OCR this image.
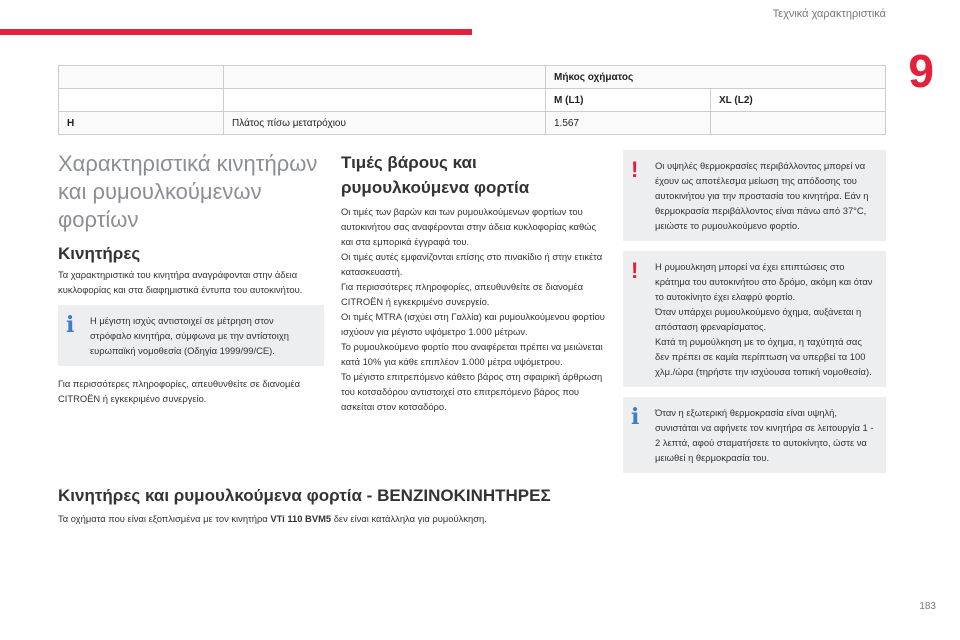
Τεχνικά χαρακτηριστικά
9
		Μήκος οχήματος	
		M (L1)	XL (L2)
H	Πλάτος πίσω μετατρόχιου	1.567	
Χαρακτηριστικά κινητήρων και ρυμουλκούμενων φορτίων
Κινητήρες

Τα χαρακτηριστικά του κινητήρα αναγράφονται στην άδεια κυκλοφορίας και στα διαφημιστικά έντυπα του αυτοκινήτου.

i Η μέγιστη ισχύς αντιστοιχεί σε μέτρηση στον στρόφαλο κινητήρα, σύμφωνα με την αντίστοιχη ευρωπαϊκή νομοθεσία (Οδηγία 1999/99/CE).

Για περισσότερες πληροφορίες, απευθυνθείτε σε διανομέα CITROËN ή εγκεκριμένο συνεργείο.

Τιμές βάρους και ρυμουλκούμενα φορτία
Οι τιμές των βαρών και των ρυμουλκούμενων φορτίων του αυτοκινήτου σας αναφέρονται στην άδεια κυκλοφορίας καθώς και στα εμπορικά έγγραφά του.
Οι τιμές αυτές εμφανίζονται επίσης στο πινακίδιο ή στην ετικέτα κατασκευαστή.
Για περισσότερες πληροφορίες, απευθυνθείτε σε διανομέα CITROËN ή εγκεκριμένο συνεργείο.
Οι τιμές MTRA (ισχύει στη Γαλλία) και ρυμουλκούμενου φορτίου ισχύουν για μέγιστο υψόμετρο 1.000 μέτρων.
Το ρυμουλκούμενο φορτίο που αναφέρεται πρέπει να μειώνεται κατά 10% για κάθε επιπλέον 1.000 μέτρα υψόμετρου.
Το μέγιστο επιτρεπόμενο κάθετο βάρος στη σφαιρική άρθρωση του κοτσαδόρου αντιστοιχεί στο επιτρεπόμενο βάρος που ασκείται στον κοτσαδόρο.
! Οι υψηλές θερμοκρασίες περιβάλλοντος μπορεί να έχουν ως αποτέλεσμα μείωση της απόδοσης του αυτοκινήτου για την προστασία του κινητήρα. Εάν η θερμοκρασία περιβάλλοντος είναι πάνω από 37°C, μειώστε το ρυμουλκούμενο φορτίο.
! Η ρυμουλκηση μπορεί να έχει επιπτώσεις στο κράτημα του αυτοκινήτου στο δρόμο, ακόμη και όταν το αυτοκίνητο έχει ελαφρύ φορτίο.
Όταν υπάρχει ρυμουλκούμενο όχημα, αυξάνεται η απόσταση φρεναρίσματος.
Κατά τη ρυμούλκηση με το όχημα, η ταχύτητά σας δεν πρέπει σε καμία περίπτωση να υπερβεί τα 100 χλμ./ώρα (τηρήστε την ισχύουσα τοπική νομοθεσία).
i Όταν η εξωτερική θερμοκρασία είναι υψηλή, συνιστάται να αφήνετε τον κινητήρα σε λειτουργία 1 - 2 λεπτά, αφού σταματήσετε το αυτοκίνητο, ώστε να μειωθεί η θερμοκρασία του.
Κινητήρες και ρυμουλκούμενα φορτία - ΒΕΝΖΙΝΟΚΙΝΗΤΗΡΕΣ
Τα οχήματα που είναι εξοπλισμένα με τον κινητήρα VTi 110 BVM5 δεν είναι κατάλληλα για ρυμούλκηση.
183
